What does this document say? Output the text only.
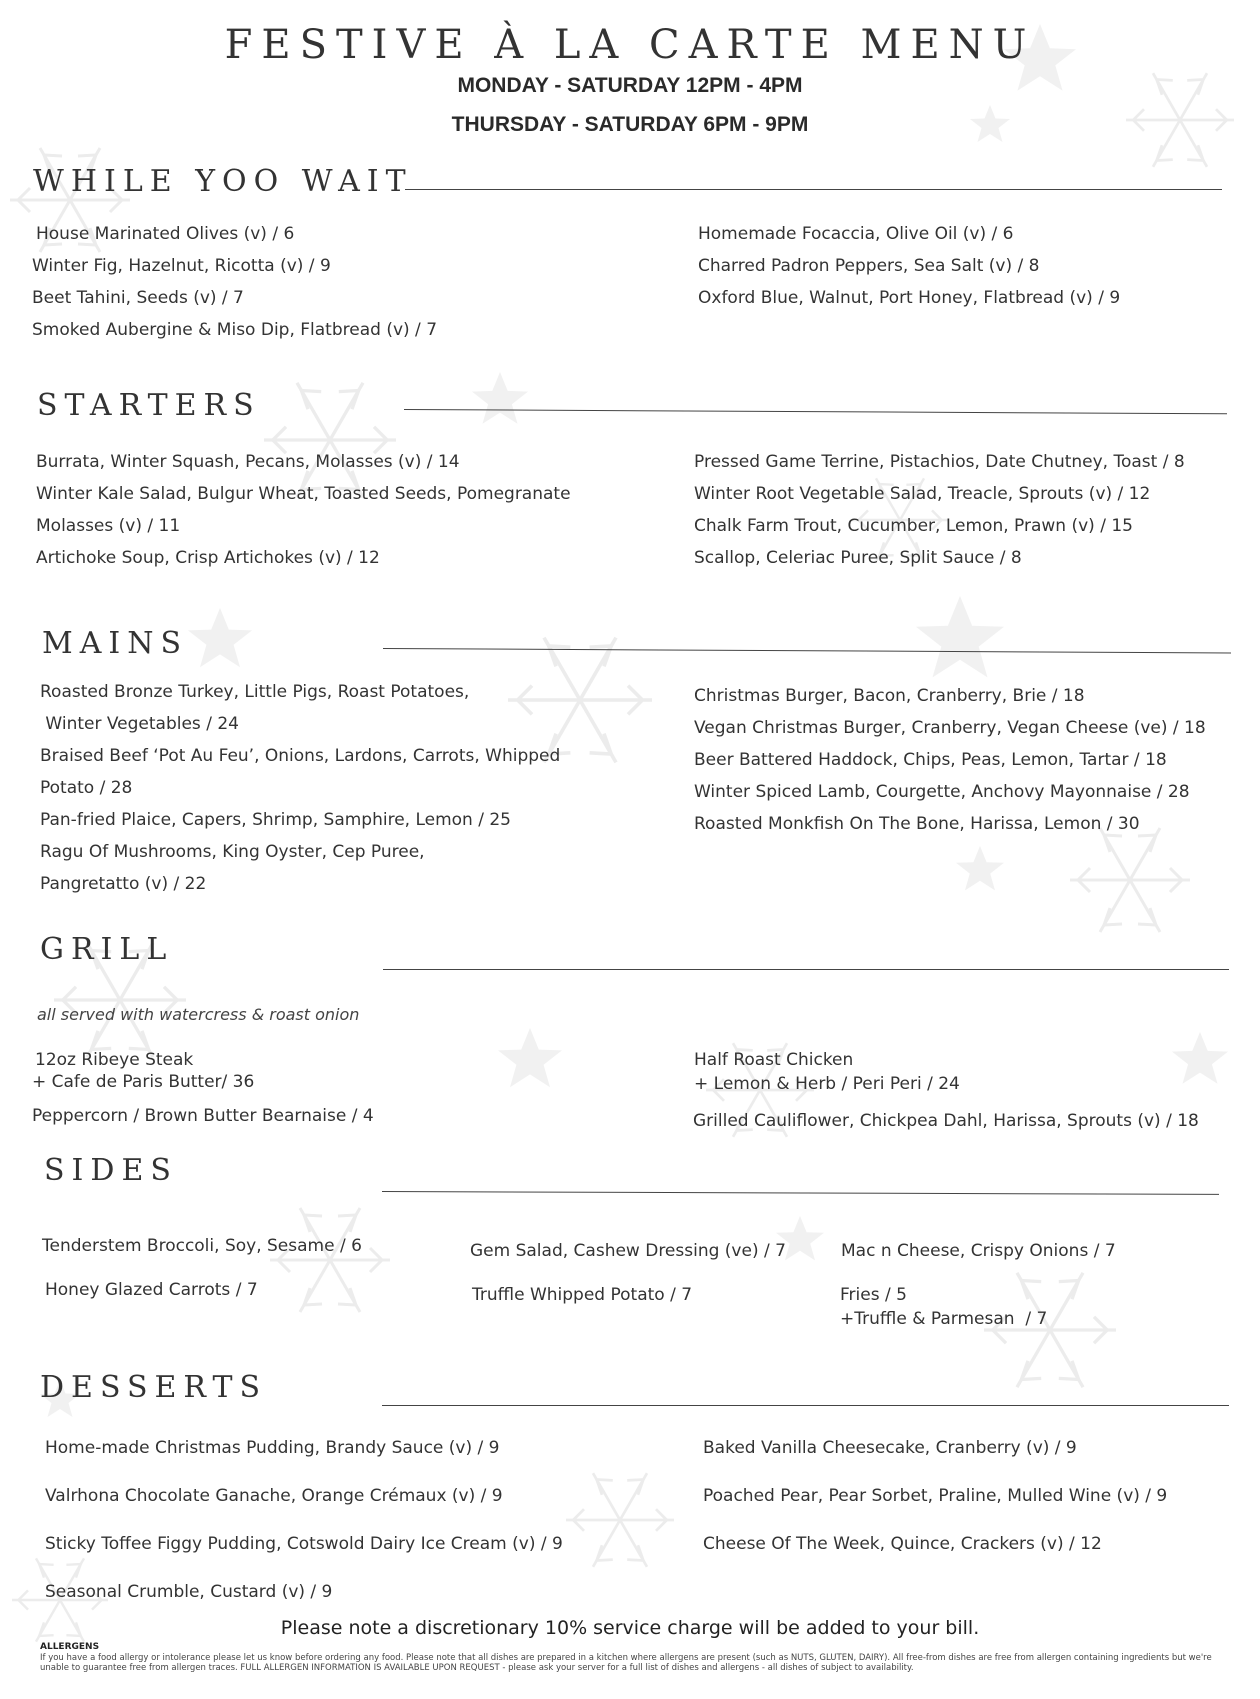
FESTIVE À LA CARTE MENU
MONDAY - SATURDAY 12PM - 4PM
THURSDAY - SATURDAY 6PM - 9PM
WHILE YOO WAIT
House Marinated Olives (v) / 6
Winter Fig, Hazelnut, Ricotta (v) / 9
Beet Tahini, Seeds (v) / 7
Smoked Aubergine & Miso Dip, Flatbread (v) / 7
Homemade Focaccia, Olive Oil (v) / 6
Charred Padron Peppers, Sea Salt (v) / 8
Oxford Blue, Walnut, Port Honey, Flatbread (v) / 9
STARTERS
Burrata, Winter Squash, Pecans, Molasses (v) / 14
Winter Kale Salad, Bulgur Wheat, Toasted Seeds, Pomegranate
Molasses (v) / 11
Artichoke Soup, Crisp Artichokes (v) / 12
Pressed Game Terrine, Pistachios, Date Chutney, Toast / 8
Winter Root Vegetable Salad, Treacle, Sprouts (v) / 12
Chalk Farm Trout, Cucumber, Lemon, Prawn (v) / 15
Scallop, Celeriac Puree, Split Sauce / 8
MAINS
Roasted Bronze Turkey, Little Pigs, Roast Potatoes,
Winter Vegetables / 24
Braised Beef ‘Pot Au Feu’, Onions, Lardons, Carrots, Whipped
Potato / 28
Pan-fried Plaice, Capers, Shrimp, Samphire, Lemon / 25
Ragu Of Mushrooms, King Oyster, Cep Puree,
Pangretatto (v) / 22
Christmas Burger, Bacon, Cranberry, Brie / 18
Vegan Christmas Burger, Cranberry, Vegan Cheese (ve) / 18
Beer Battered Haddock, Chips, Peas, Lemon, Tartar / 18
Winter Spiced Lamb, Courgette, Anchovy Mayonnaise / 28
Roasted Monkfish On The Bone, Harissa, Lemon / 30
GRILL
all served with watercress & roast onion
12oz Ribeye Steak
+ Cafe de Paris Butter/ 36
Peppercorn / Brown Butter Bearnaise / 4
Half Roast Chicken
+ Lemon & Herb / Peri Peri / 24
Grilled Cauliflower, Chickpea Dahl, Harissa, Sprouts (v) / 18
SIDES
Tenderstem Broccoli, Soy, Sesame / 6
Honey Glazed Carrots / 7
Gem Salad, Cashew Dressing (ve) / 7
Truffle Whipped Potato / 7
Mac n Cheese, Crispy Onions / 7
Fries / 5
+Truffle & Parmesan  / 7
DESSERTS
Home-made Christmas Pudding, Brandy Sauce (v) / 9
Valrhona Chocolate Ganache, Orange Crémaux (v) / 9
Sticky Toffee Figgy Pudding, Cotswold Dairy Ice Cream (v) / 9
Seasonal Crumble, Custard (v) / 9
Baked Vanilla Cheesecake, Cranberry (v) / 9
Poached Pear, Pear Sorbet, Praline, Mulled Wine (v) / 9
Cheese Of The Week, Quince, Crackers (v) / 12
Please note a discretionary 10% service charge will be added to your bill.
ALLERGENS
If you have a food allergy or intolerance please let us know before ordering any food. Please note that all dishes are prepared in a kitchen where allergens are present (such as NUTS, GLUTEN, DAIRY). All free-from dishes are free from allergen containing ingredients but we're unable to guarantee free from allergen traces. FULL ALLERGEN INFORMATION IS AVAILABLE UPON REQUEST - please ask your server for a full list of dishes and allergens - all dishes of subject to availability.
